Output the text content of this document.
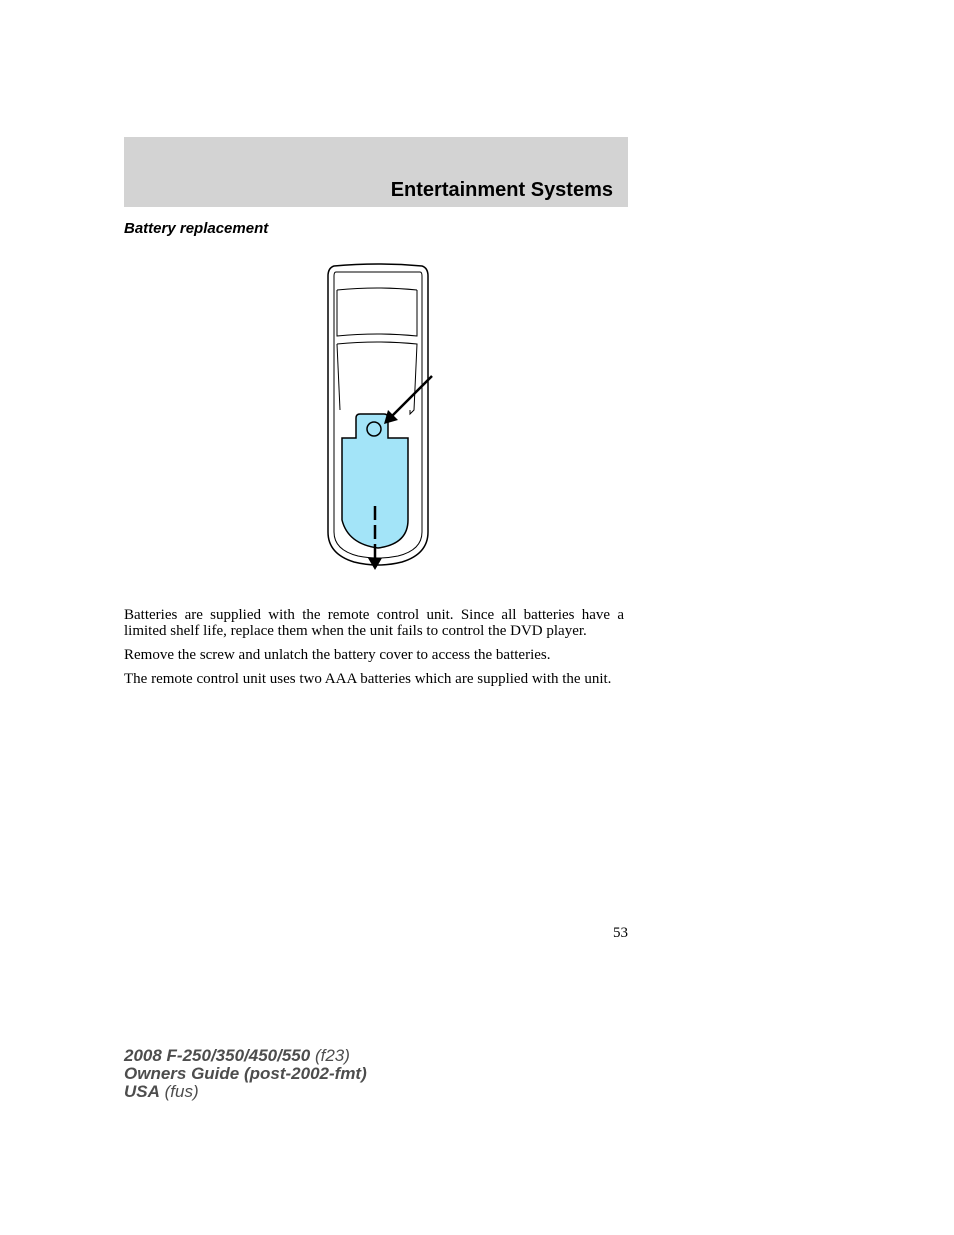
Entertainment Systems
Battery replacement

Batteries are supplied with the remote control unit. Since all batteries have a limited shelf life, replace them when the unit fails to control the DVD player.

Remove the screw and unlatch the battery cover to access the batteries.

The remote control unit uses two AAA batteries which are supplied with the unit.

53
2008 F-250/350/450/550 (f23)
Owners Guide (post-2002-fmt)
USA (fus)
